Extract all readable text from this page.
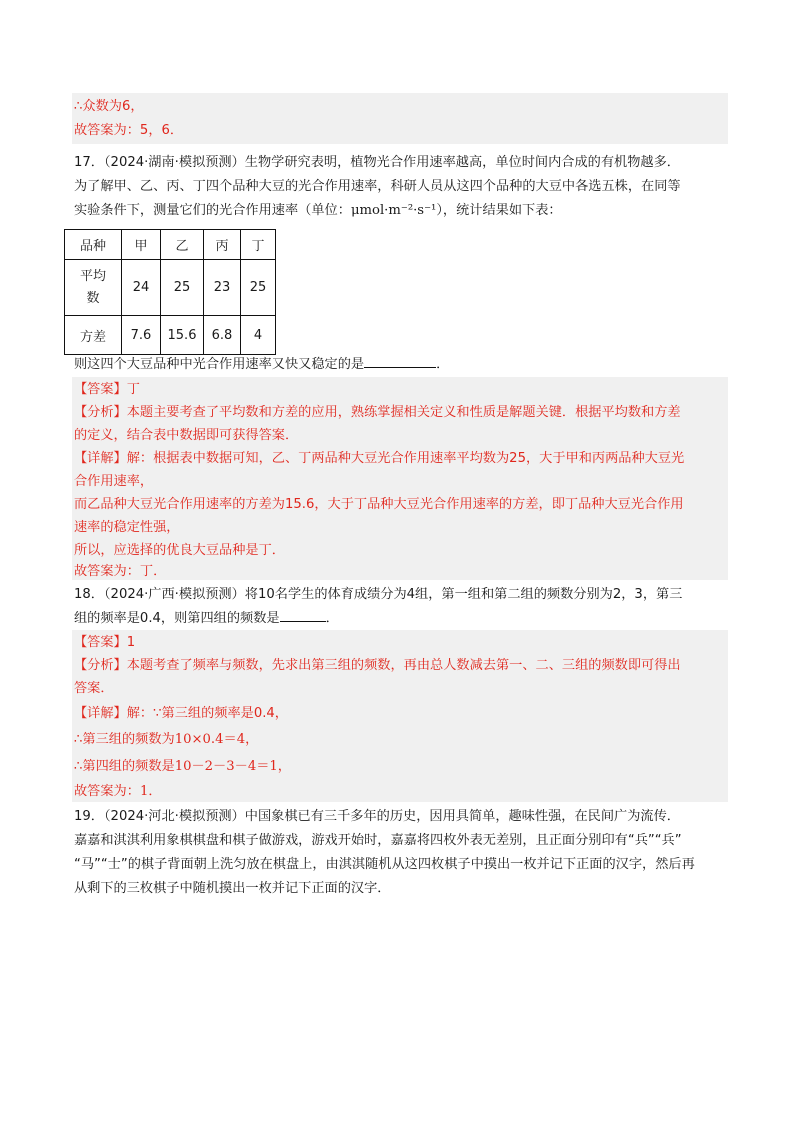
∴众数为6，
故答案为：5，6．
17．（2024·湖南·模拟预测）生物学研究表明，植物光合作用速率越高，单位时间内合成的有机物越多．
为了解甲、乙、丙、丁四个品种大豆的光合作用速率，科研人员从这四个品种的大豆中各选五株，在同等
实验条件下，测量它们的光合作用速率（单位：μmol·m⁻²·s⁻¹），统计结果如下表：
品种	甲	乙	丙	丁

平均
数	24	25	23	25
方差	7.6	15.6	6.8	4
则这四个大豆品种中光合作用速率又快又稳定的是	．
【答案】丁
【分析】本题主要考查了平均数和方差的应用，熟练掌握相关定义和性质是解题关键．根据平均数和方差
的定义，结合表中数据即可获得答案．
【详解】解：根据表中数据可知，乙、丁两品种大豆光合作用速率平均数为25，大于甲和丙两品种大豆光
合作用速率，
而乙品种大豆光合作用速率的方差为15.6，大于丁品种大豆光合作用速率的方差，即丁品种大豆光合作用
速率的稳定性强，
所以，应选择的优良大豆品种是丁．
故答案为：丁．
18．（2024·广西·模拟预测）将10名学生的体育成绩分为4组，第一组和第二组的频数分别为2，3，第三
组的频率是0.4，则第四组的频数是	．
【答案】1
【分析】本题考查了频率与频数，先求出第三组的频数，再由总人数减去第一、二、三组的频数即可得出
答案．
【详解】解：∵第三组的频率是0.4，
∴第三组的频数为10×0.4＝4，
∴第四组的频数是10－2－3－4＝1，
故答案为：1．
19．（2024·河北·模拟预测）中国象棋已有三千多年的历史，因用具简单，趣味性强，在民间广为流传．
嘉嘉和淇淇利用象棋棋盘和棋子做游戏，游戏开始时，嘉嘉将四枚外表无差别，且正面分别印有“兵”“兵”
“马”“士”的棋子背面朝上洗匀放在棋盘上，由淇淇随机从这四枚棋子中摸出一枚并记下正面的汉字，然后再
从剩下的三枚棋子中随机摸出一枚并记下正面的汉字．
